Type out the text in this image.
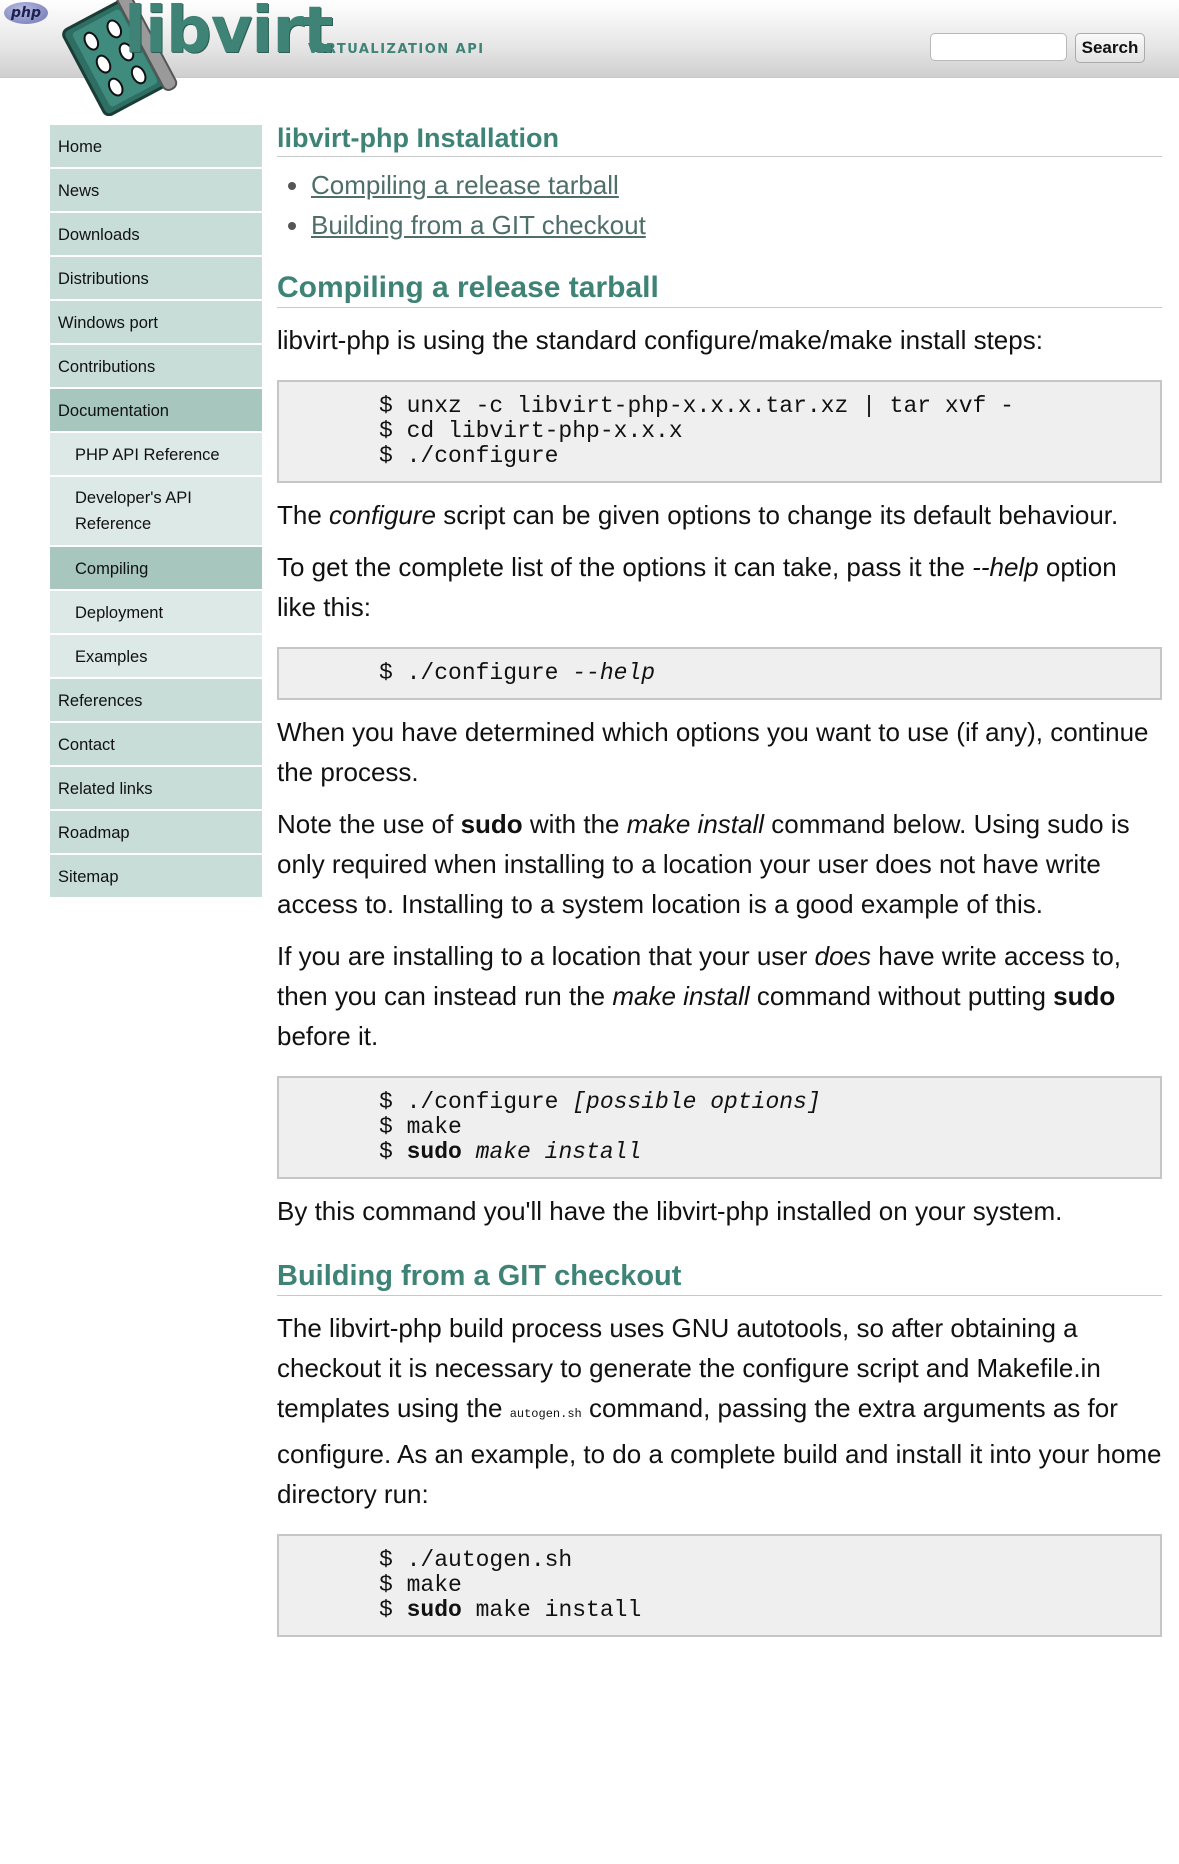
php libvirt
VIRTUALIZATION API	Search
Home
News
Downloads
Distributions
Windows port
Contributions
Documentation
PHP API Reference
Developer's API Reference
Compiling
Deployment
Examples
References
Contact
Related links
Roadmap
Sitemap
libvirt-php Installation
• Compiling a release tarball
• Building from a GIT checkout
Compiling a release tarball

libvirt-php is using the standard configure/make/make install steps:

$ unxz -c libvirt-php-x.x.x.tar.xz | tar xvf -
$ cd libvirt-php-x.x.x
$ ./configure

The configure script can be given options to change its default behaviour.

To get the complete list of the options it can take, pass it the --help option like this:

$ ./configure --help

When you have determined which options you want to use (if any), continue the process.

Note the use of sudo with the make install command below. Using sudo is only required when installing to a location your user does not have write access to. Installing to a system location is a good example of this.

If you are installing to a location that your user does have write access to, then you can instead run the make install command without putting sudo before it.

$ ./configure [possible options]
$ make
$ sudo make install

By this command you'll have the libvirt-php installed on your system.

Building from a GIT checkout

The libvirt-php build process uses GNU autotools, so after obtaining a checkout it is necessary to generate the configure script and Makefile.in templates using the autogen.sh command, passing the extra arguments as for configure. As an example, to do a complete build and install it into your home directory run:

$ ./autogen.sh
$ make
$ sudo make install
